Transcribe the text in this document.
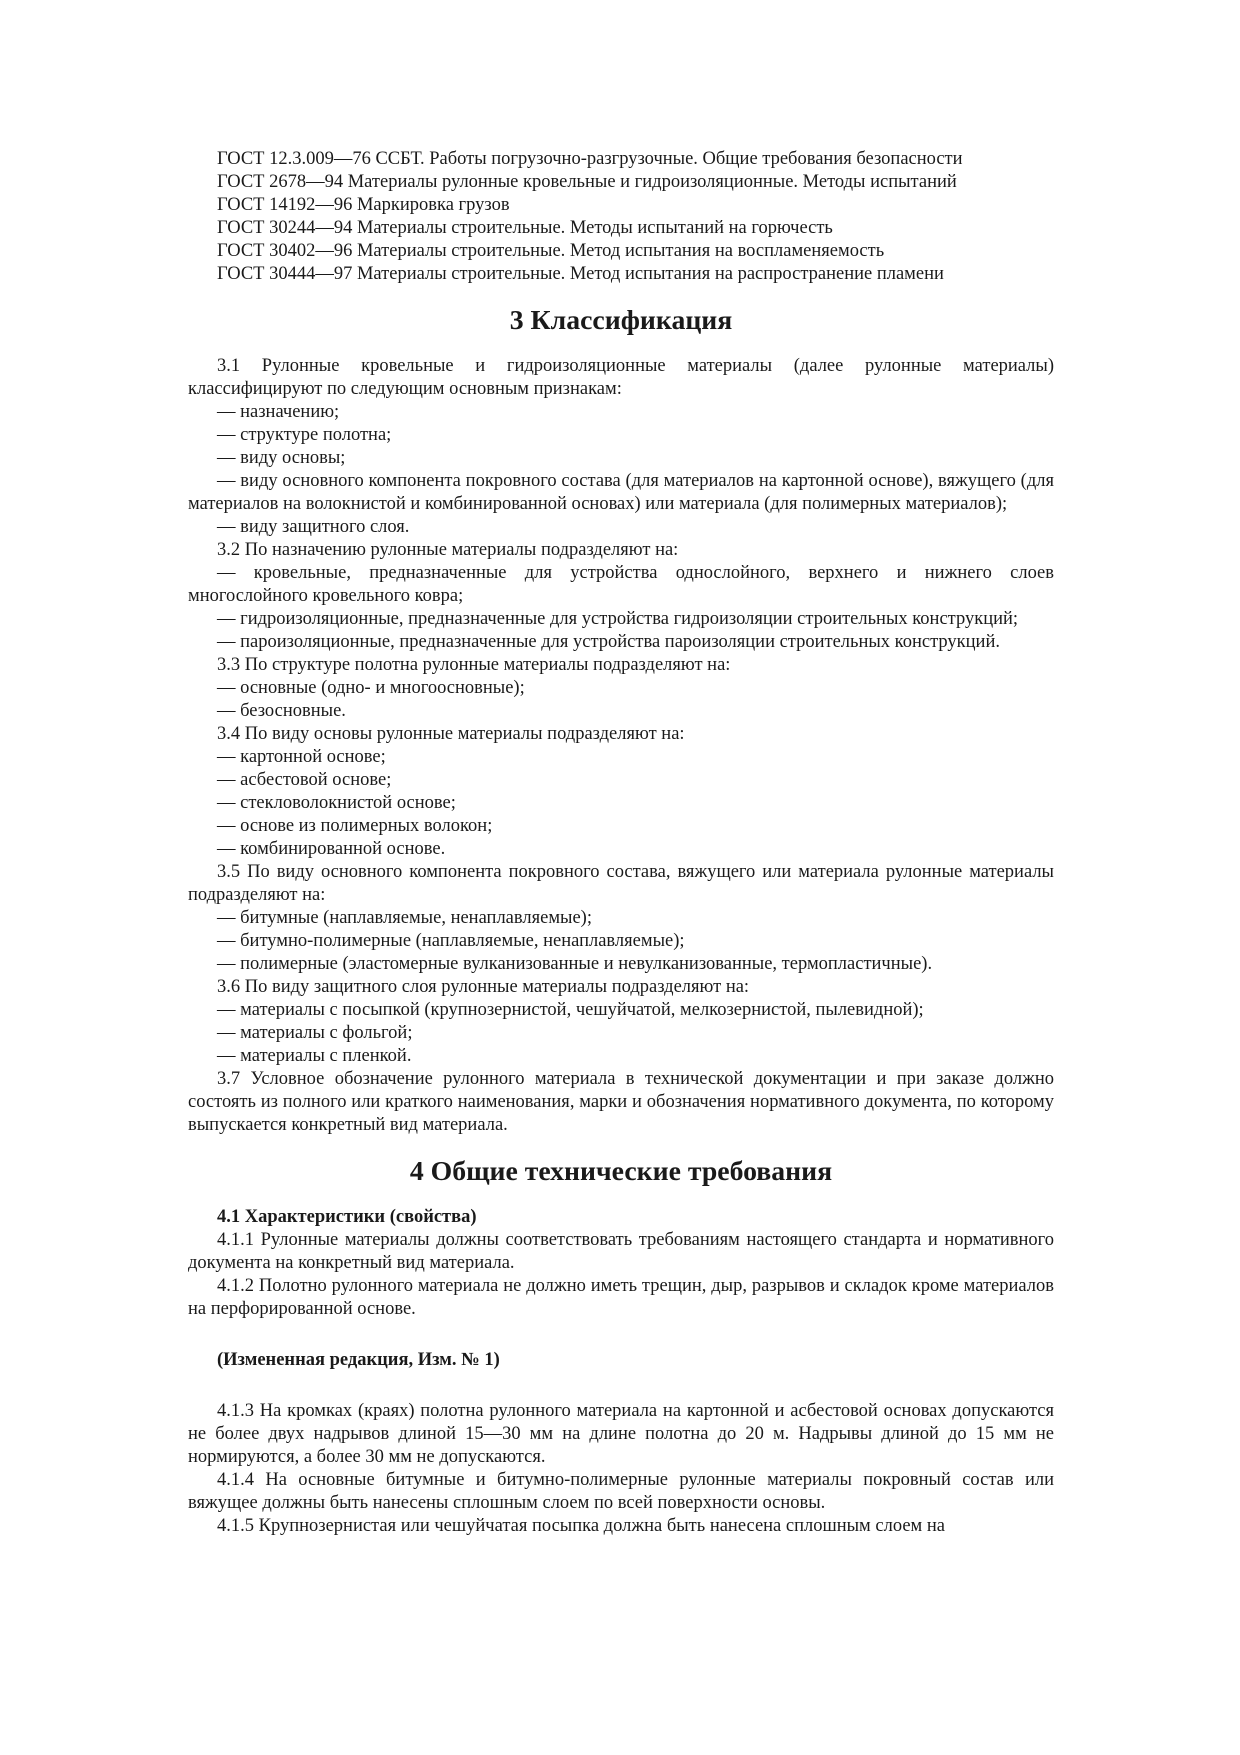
ГОСТ 12.3.009—76 ССБТ. Работы погрузочно-разгрузочные. Общие требования безопасности

ГОСТ 2678—94 Материалы рулонные кровельные и гидроизоляционные. Методы испытаний

ГОСТ 14192—96 Маркировка грузов

ГОСТ 30244—94 Материалы строительные. Методы испытаний на горючесть

ГОСТ 30402—96 Материалы строительные. Метод испытания на воспламеняемость

ГОСТ 30444—97 Материалы строительные. Метод испытания на распространение пламени

3 Классификация

3.1 Рулонные кровельные и гидроизоляционные материалы (далее рулонные материалы) классифицируют по следующим основным признакам:

— назначению;

— структуре полотна;

— виду основы;

— виду основного компонента покровного состава (для материалов на картонной основе), вяжущего (для материалов на волокнистой и комбинированной основах) или материала (для полимерных материалов);

— виду защитного слоя.

3.2 По назначению рулонные материалы подразделяют на:

— кровельные, предназначенные для устройства однослойного, верхнего и нижнего слоев многослойного кровельного ковра;

— гидроизоляционные, предназначенные для устройства гидроизоляции строительных конструкций;

— пароизоляционные, предназначенные для устройства пароизоляции строительных конструкций.

3.3 По структуре полотна рулонные материалы подразделяют на:

— основные (одно- и многоосновные);

— безосновные.

3.4 По виду основы рулонные материалы подразделяют на:

— картонной основе;

— асбестовой основе;

— стекловолокнистой основе;

— основе из полимерных волокон;

— комбинированной основе.

3.5 По виду основного компонента покровного состава, вяжущего или материала рулонные материалы подразделяют на:

— битумные (наплавляемые, ненаплавляемые);

— битумно-полимерные (наплавляемые, ненаплавляемые);

— полимерные (эластомерные вулканизованные и невулканизованные, термопластичные).

3.6 По виду защитного слоя рулонные материалы подразделяют на:

— материалы с посыпкой (крупнозернистой, чешуйчатой, мелкозернистой, пылевидной);

— материалы с фольгой;

— материалы с пленкой.

3.7 Условное обозначение рулонного материала в технической документации и при заказе должно состоять из полного или краткого наименования, марки и обозначения нормативного документа, по которому выпускается конкретный вид материала.

4 Общие технические требования

4.1 Характеристики (свойства)

4.1.1 Рулонные материалы должны соответствовать требованиям настоящего стандарта и нормативного документа на конкретный вид материала.

4.1.2 Полотно рулонного материала не должно иметь трещин, дыр, разрывов и складок кроме материалов на перфорированной основе.

(Измененная редакция, Изм. № 1)

4.1.3 На кромках (краях) полотна рулонного материала на картонной и асбестовой основах допускаются не более двух надрывов длиной 15—30 мм на длине полотна до 20 м. Надрывы длиной до 15 мм не нормируются, а более 30 мм не допускаются.

4.1.4 На основные битумные и битумно-полимерные рулонные материалы покровный состав или вяжущее должны быть нанесены сплошным слоем по всей поверхности основы.

4.1.5 Крупнозернистая или чешуйчатая посыпка должна быть нанесена сплошным слоем на
